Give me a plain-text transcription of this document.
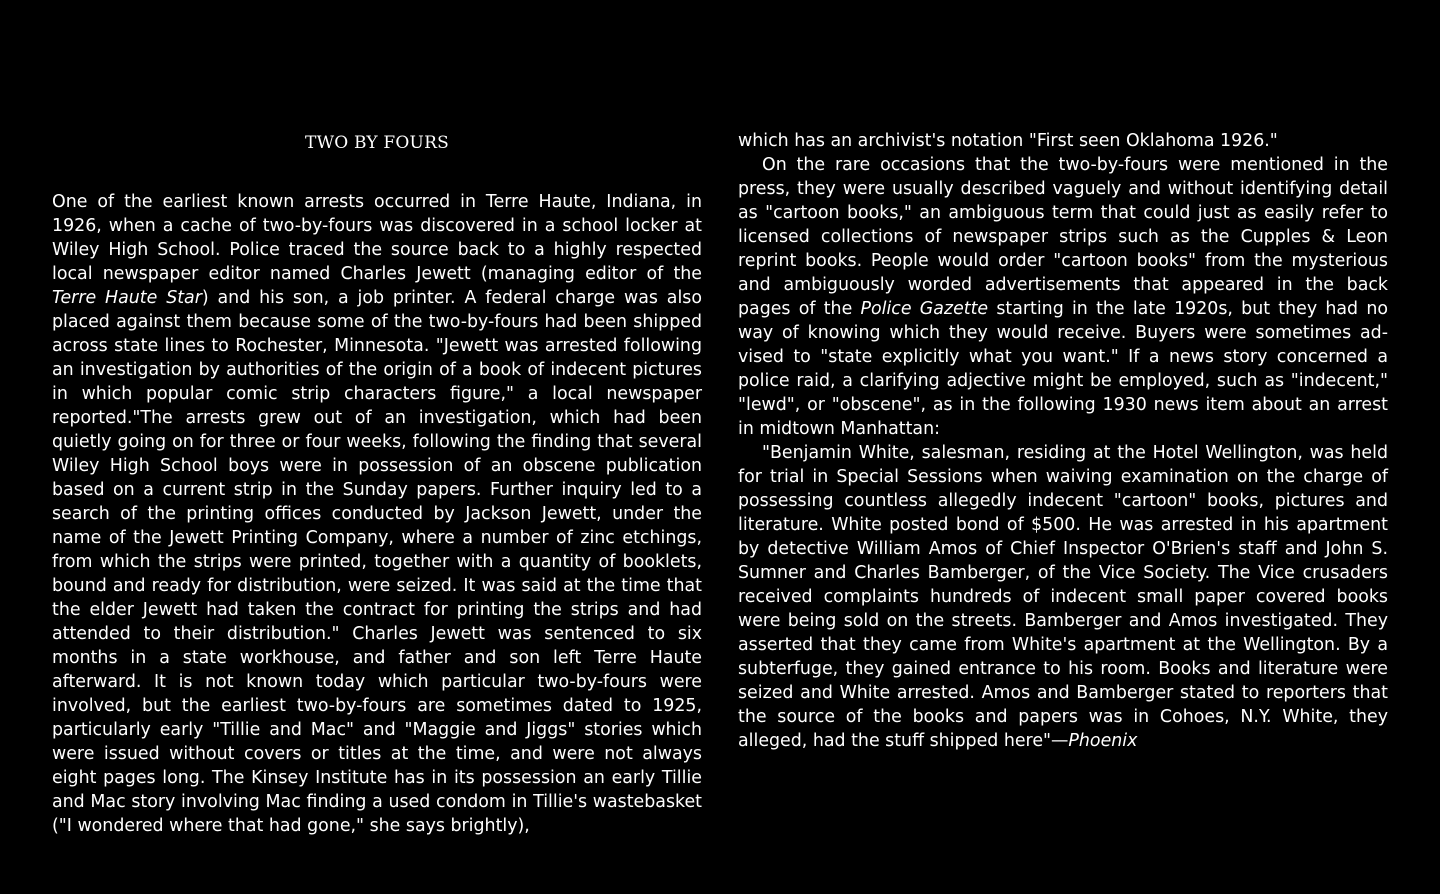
TWO BY FOURS

One of the earliest known arrests occurred in Terre Haute, Indiana, in 1926, when a cache of two-by-fours was discovered in a school locker at Wiley High School. Police traced the source back to a highly respected local newspaper editor named Charles Jewett (managing editor of the Terre Haute Star) and his son, a job printer. A federal charge was also placed against them because some of the two-by-fours had been shipped across state lines to Rochester, Minnesota. "Jewett was arrested following an investigation by authorities of the origin of a book of indecent pictures in which popular comic strip characters figure," a local newspaper reported."The arrests grew out of an investigation, which had been quietly going on for three or four weeks, following the finding that several Wiley High School boys were in possession of an obscene publication based on a current strip in the Sunday papers. Further inquiry led to a search of the printing offices conducted by Jackson Jewett, under the name of the Jewett Printing Company, where a number of zinc etchings, from which the strips were printed, together with a quantity of booklets, bound and ready for distribution, were seized. It was said at the time that the elder Jewett had taken the contract for printing the strips and had attended to their distribution." Charles Jewett was sentenced to six months in a state workhouse, and father and son left Terre Haute afterward. It is not known today which particular two-by-fours were involved, but the earliest two-by-fours are sometimes dated to 1925, particularly early "Tillie and Mac" and "Maggie and Jiggs" stories which were issued without covers or titles at the time, and were not always eight pages long. The Kinsey Institute has in its possession an early Tillie and Mac story involving Mac finding a used condom in Tillie's wastebasket ("I wondered where that had gone," she says brightly),

which has an archivist's notation "First seen Oklahoma 1926."

On the rare occasions that the two-by-fours were mentioned in the press, they were usually described vaguely and without identifying detail as "cartoon books," an ambiguous term that could just as easily refer to licensed collections of newspaper strips such as the Cupples & Leon reprint books. People would order "cartoon books" from the mysterious and ambiguously worded advertisements that appeared in the back pages of the Police Gazette starting in the late 1920s, but they had no way of knowing which they would receive. Buyers were sometimes advised to "state explicitly what you want." If a news story concerned a police raid, a clarifying adjective might be employed, such as "indecent," "lewd", or "obscene", as in the following 1930 news item about an arrest in midtown Manhattan:

"Benjamin White, salesman, residing at the Hotel Wellington, was held for trial in Special Sessions when waiving examination on the charge of possessing countless allegedly indecent "cartoon" books, pictures and literature. White posted bond of $500. He was arrested in his apartment by detective William Amos of Chief Inspector O'Brien's staff and John S. Sumner and Charles Bamberger, of the Vice Society. The Vice crusaders received complaints hundreds of indecent small paper covered books were being sold on the streets. Bamberger and Amos investigated. They asserted that they came from White's apartment at the Wellington. By a subterfuge, they gained entrance to his room. Books and literature were seized and White arrested. Amos and Bamberger stated to reporters that the source of the books and papers was in Cohoes, N.Y. White, they alleged, had the stuff shipped here"—Phoenix
